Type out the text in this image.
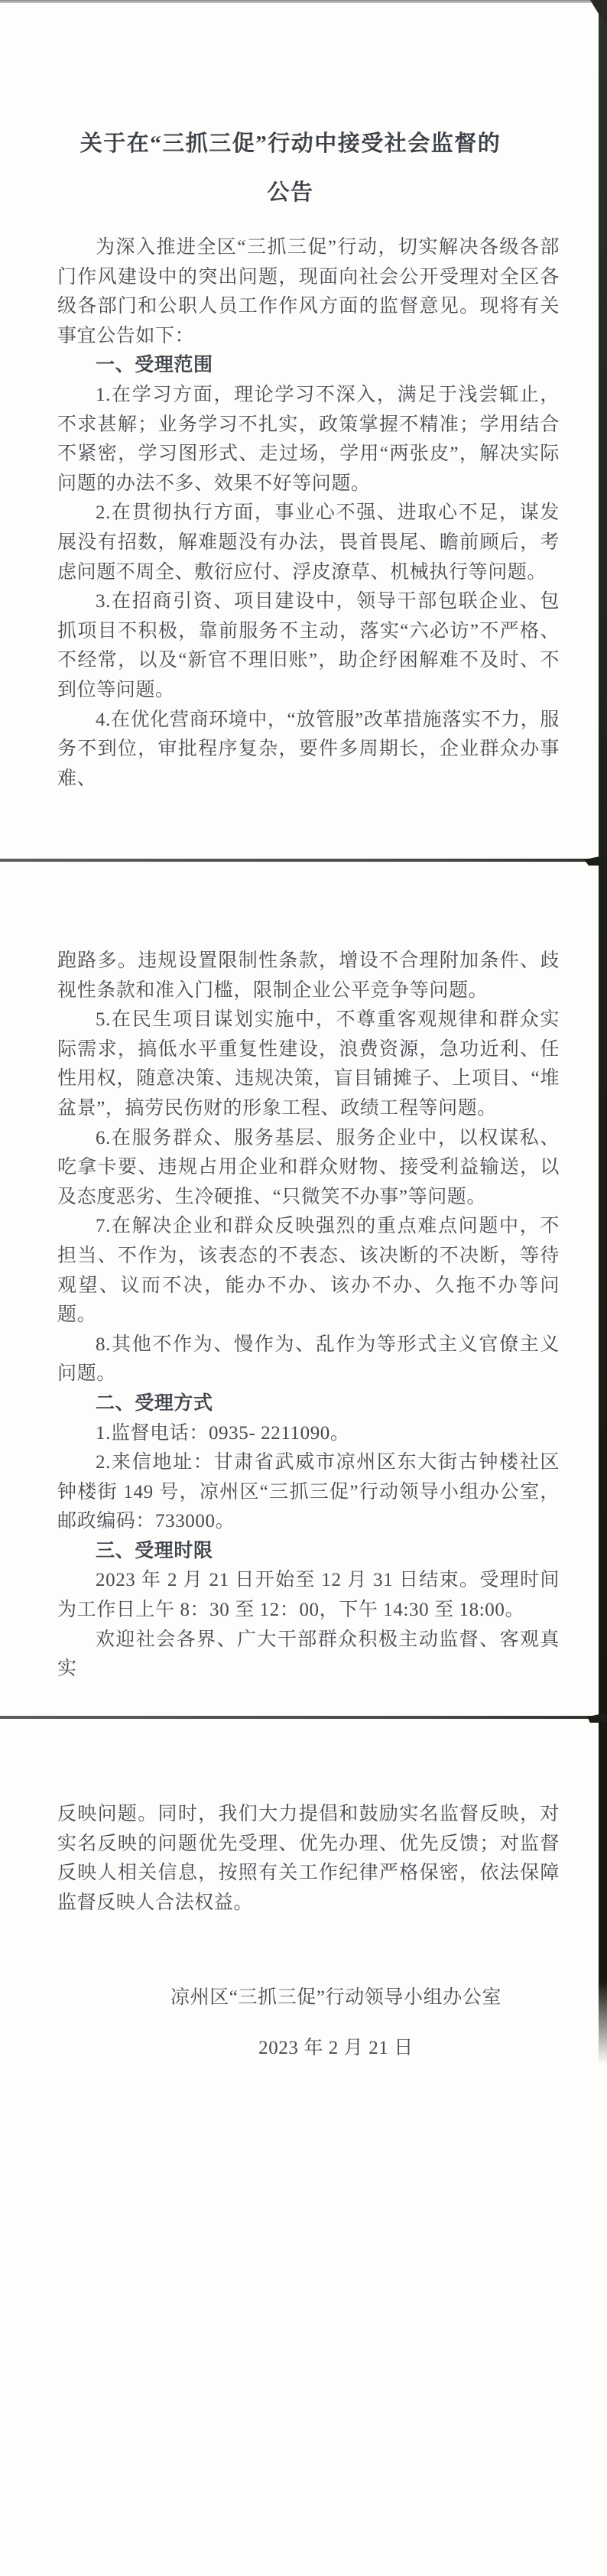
关于在“三抓三促”行动中接受社会监督的
公告

为深入推进全区“三抓三促”行动，切实解决各级各部门作风建设中的突出问题，现面向社会公开受理对全区各级各部门和公职人员工作作风方面的监督意见。现将有关事宜公告如下：

一、受理范围

1.在学习方面，理论学习不深入，满足于浅尝辄止，不求甚解；业务学习不扎实，政策掌握不精准；学用结合不紧密，学习图形式、走过场，学用“两张皮”，解决实际问题的办法不多、效果不好等问题。

2.在贯彻执行方面，事业心不强、进取心不足，谋发展没有招数，解难题没有办法，畏首畏尾、瞻前顾后，考虑问题不周全、敷衍应付、浮皮潦草、机械执行等问题。

3.在招商引资、项目建设中，领导干部包联企业、包抓项目不积极，靠前服务不主动，落实“六必访”不严格、不经常，以及“新官不理旧账”，助企纾困解难不及时、不到位等问题。

4.在优化营商环境中，“放管服”改革措施落实不力，服务不到位，审批程序复杂，要件多周期长，企业群众办事难、

跑路多。违规设置限制性条款，增设不合理附加条件、歧视性条款和准入门槛，限制企业公平竞争等问题。

5.在民生项目谋划实施中，不尊重客观规律和群众实际需求，搞低水平重复性建设，浪费资源，急功近利、任性用权，随意决策、违规决策，盲目铺摊子、上项目、“堆盆景”，搞劳民伤财的形象工程、政绩工程等问题。

6.在服务群众、服务基层、服务企业中，以权谋私、吃拿卡要、违规占用企业和群众财物、接受利益输送，以及态度恶劣、生冷硬推、“只微笑不办事”等问题。

7.在解决企业和群众反映强烈的重点难点问题中，不担当、不作为，该表态的不表态、该决断的不决断，等待观望、议而不决，能办不办、该办不办、久拖不办等问题。

8.其他不作为、慢作为、乱作为等形式主义官僚主义问题。

二、受理方式

1.监督电话：0935- 2211090。

2.来信地址：甘肃省武威市凉州区东大街古钟楼社区钟楼街 149 号，凉州区“三抓三促”行动领导小组办公室，邮政编码：733000。

三、受理时限

2023 年 2 月 21 日开始至 12 月 31 日结束。受理时间为工作日上午 8：30 至 12：00，下午 14:30 至 18:00。

欢迎社会各界、广大干部群众积极主动监督、客观真实

反映问题。同时，我们大力提倡和鼓励实名监督反映，对实名反映的问题优先受理、优先办理、优先反馈；对监督反映人相关信息，按照有关工作纪律严格保密，依法保障监督反映人合法权益。

凉州区“三抓三促”行动领导小组办公室
2023 年 2 月 21 日
